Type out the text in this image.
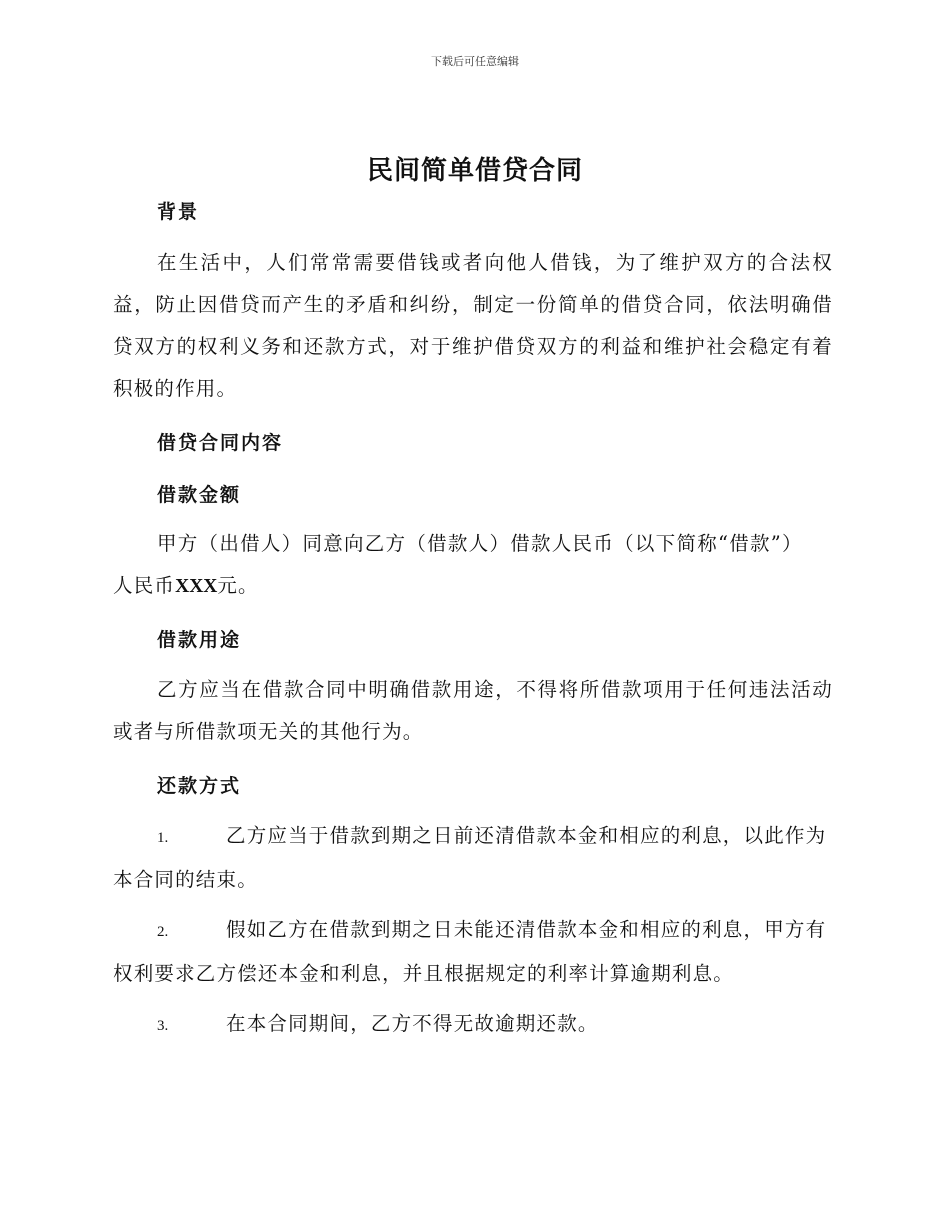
下载后可任意编辑
民间简单借贷合同
背景
在生活中，人们常常需要借钱或者向他人借钱，为了维护双方的合法权益，防止因借贷而产生的矛盾和纠纷，制定一份简单的借贷合同，依法明确借贷双方的权利义务和还款方式，对于维护借贷双方的利益和维护社会稳定有着积极的作用。
借贷合同内容
借款金额
甲方（出借人）同意向乙方（借款人）借款人民币（以下简称“借款”）人民币XXX元。
借款用途
乙方应当在借款合同中明确借款用途，不得将所借款项用于任何违法活动或者与所借款项无关的其他行为。
还款方式
1.	乙方应当于借款到期之日前还清借款本金和相应的利息，以此作为本合同的结束。
2.	假如乙方在借款到期之日未能还清借款本金和相应的利息，甲方有权利要求乙方偿还本金和利息，并且根据规定的利率计算逾期利息。
3.	在本合同期间，乙方不得无故逾期还款。
